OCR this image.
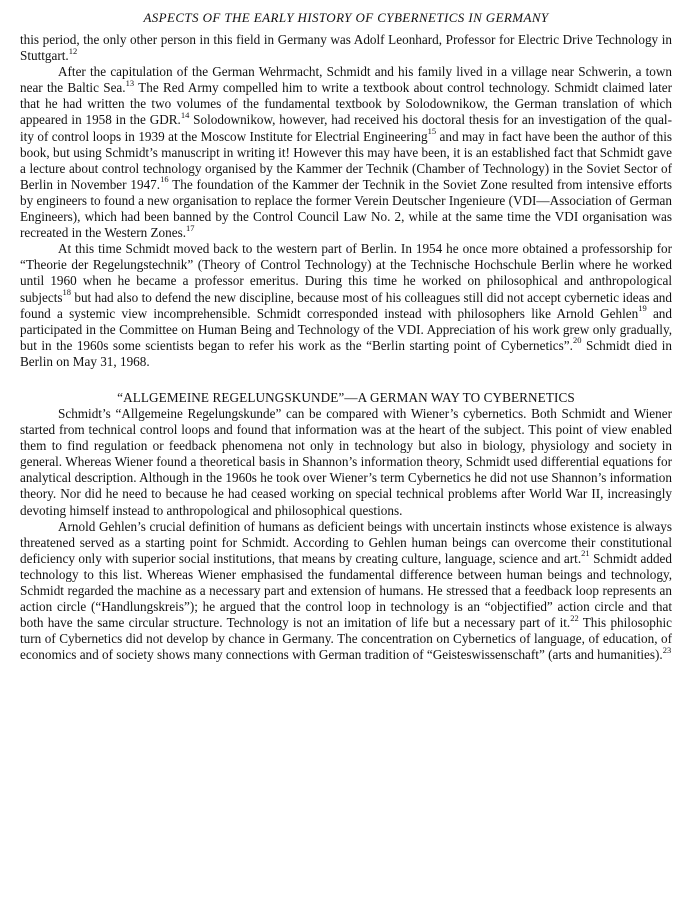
ASPECTS OF THE EARLY HISTORY OF CYBERNETICS IN GERMANY

this period, the only other person in this field in Germany was Adolf Leonhard, Professor for Electric Drive Technology in Stuttgart.$^{12}$

After the capitulation of the German Wehrmacht, Schmidt and his family lived in a village near Schwerin, a town near the Baltic Sea.$^{13}$ The Red Army compelled him to write a textbook about control technology. Schmidt claimed later that he had written the two volumes of the fundamental textbook by Solodownikow, the German translation of which appeared in 1958 in the GDR.$^{14}$ Solodownikow, however, had received his doctoral thesis for an investigation of the quality of control loops in 1939 at the Moscow Institute for Electrial Engineering$^{15}$ and may in fact have been the author of this book, but using Schmidt’s manuscript in writing it! However this may have been, it is an established fact that Schmidt gave a lecture about control technology organised by the Kammer der Technik (Chamber of Technology) in the Soviet Sector of Berlin in November 1947.16 The foundation of the Kammer der Technik in the Soviet Zone resulted from intensive efforts by engineers to found a new organisation to replace the former Verein Deutscher Ingenieure (VDI—Association of German Engineers), which had been banned by the Control Council Law No. 2, while at the same time the VDI organisation was recreated in the Western Zones.$^{17}$

At this time Schmidt moved back to the western part of Berlin. In 1954 he once more obtained a professorship for “Theorie der Regelungstechnik” (Theory of Control Technology) at the Technische Hochschule Berlin where he worked until 1960 when he became a professor emeritus. During this time he worked on philosophical and anthropological subjects$^{18}$ but had also to defend the new discipline, because most of his colleagues still did not accept cybernetic ideas and found a systemic view incomprehensible. Schmidt corresponded instead with philosophers like Arnold Gehlen$^{19}$ and participated in the Committee on Human Being and Technology of the VDI. Appreciation of his work grew only gradually, but in the 1960s some scientists began to refer his work as the “Berlin starting point of Cybernetics”.$^{20}$ Schmidt died in Berlin on May 31, 1968.

“ALLGEMEINE REGELUNGSKUNDE”—A GERMAN WAY TO CYBERNETICS

Schmidt’s “Allgemeine Regelungskunde” can be compared with Wiener’s cybernetics. Both Schmidt and Wiener started from technical control loops and found that information was at the heart of the subject. This point of view enabled them to find regulation or feedback phenomena not only in technology but also in biology, physiology and society in general. Whereas Wiener found a theoretical basis in Shannon’s information theory, Schmidt used differential equations for analytical description. Although in the 1960s he took over Wiener’s term Cybernetics he did not use Shannon’s information theory. Nor did he need to because he had ceased working on special technical problems after World War II, increasingly devoting himself instead to anthropological and philosophical questions.

Arnold Gehlen’s crucial definition of humans as deficient beings with uncertain instincts whose existence is always threatened served as a starting point for Schmidt. According to Gehlen human beings can overcome their constitutional deficiency only with superior social institutions, that means by creating culture, language, science and art.$^{21}$ Schmidt added technology to this list. Whereas Wiener emphasised the fundamental difference between human beings and technology, Schmidt regarded the machine as a necessary part and extension of humans. He stressed that a feedback loop represents an action circle (“Handlungskreis”); he argued that the control loop in technology is an “objectified” action circle and that both have the same circular structure. Technology is not an imitation of life but a necessary part of it.$^{22}$ This philosophic turn of Cybernetics did not develop by chance in Germany. The concentration on Cybernetics of language, of education, of economics and of society shows many connections with German tradition of “Geisteswissenschaft” (arts and humanities).$^{23}$
